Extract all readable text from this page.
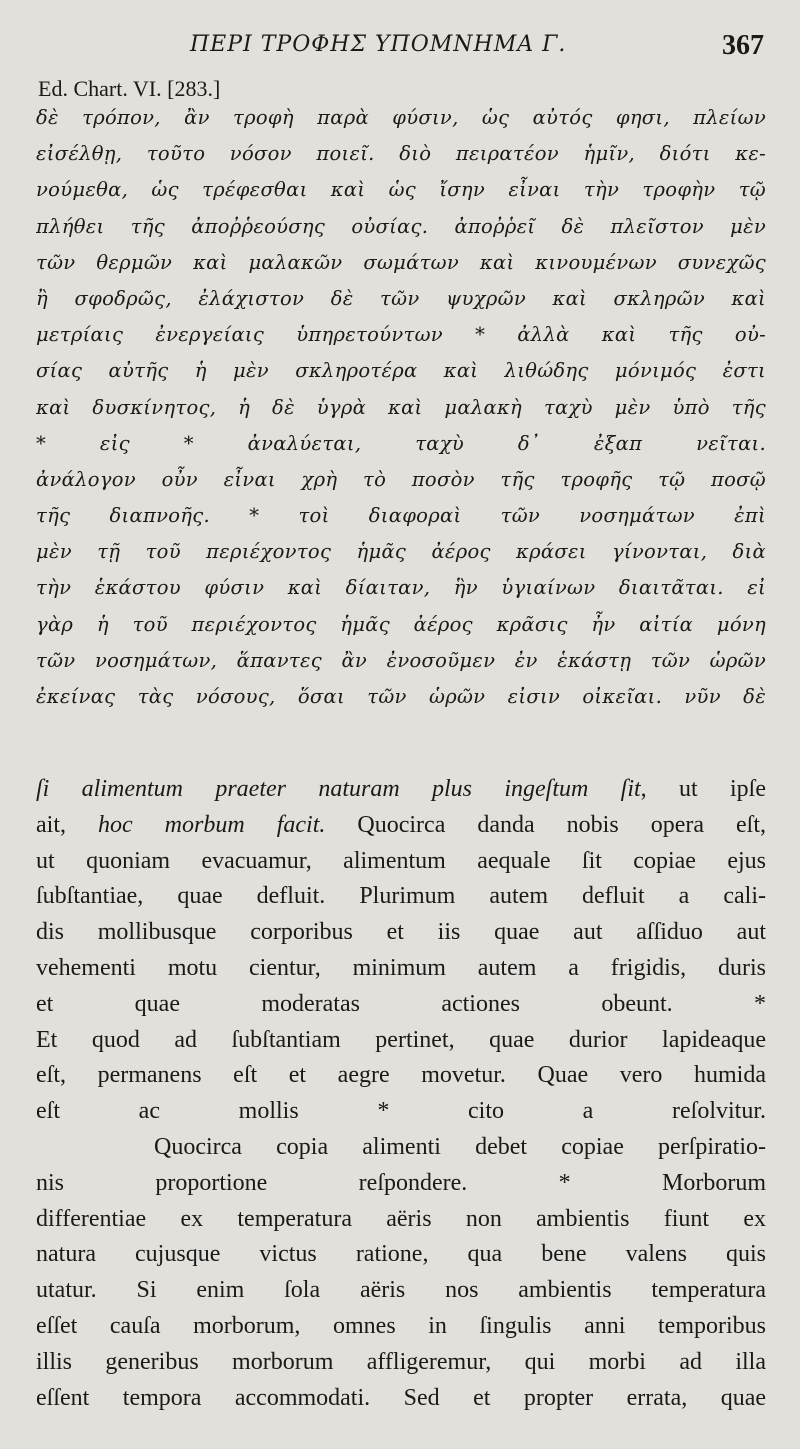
ΠΕΡΙ ΤΡΟΦΗΣ ΥΠΟΜΝΗΜΑ Γ.	367
Ed. Chart. VI. [283.]
δὲ τρόπον, ἂν τροφὴ παρὰ φύσιν, ὡς αὐτός φησι, πλείων
εἰσέλθῃ, τοῦτο νόσον ποιεῖ. διὸ πειρατέον ἡμῖν, διότι κε-
νούμεθα, ὡς τρέφεσθαι καὶ ὡς ἴσην εἶναι τὴν τροφὴν τῷ
πλήθει τῆς ἀποῤῥεούσης οὐσίας. ἀποῤῥεῖ δὲ πλεῖστον μὲν
τῶν θερμῶν καὶ μαλακῶν σωμάτων καὶ κινουμένων συνεχῶς
ἢ σφοδρῶς, ἐλάχιστον δὲ τῶν ψυχρῶν καὶ σκληρῶν καὶ
μετρίαις ἐνεργείαις ὑπηρετούντων * ἀλλὰ καὶ τῆς οὐ-
σίας αὐτῆς ἡ μὲν σκληροτέρα καὶ λιθώδης μόνιμός ἐστι
καὶ δυσκίνητος, ἡ δὲ ὑγρὰ καὶ μαλακὴ ταχὺ μὲν ὑπὸ τῆς
* εἰς * ἀναλύεται, ταχὺ δ᾽ ἐξαπ νεῖται.
ἀνάλογον οὖν εἶναι χρὴ τὸ ποσὸν τῆς τροφῆς τῷ ποσῷ
τῆς διαπνοῆς. * τοὶ διαφοραὶ τῶν νοσημάτων ἐπὶ
μὲν τῇ τοῦ περιέχοντος ἡμᾶς ἀέρος κράσει γίνονται, διὰ
τὴν ἑκάστου φύσιν καὶ δίαιταν, ἣν ὑγιαίνων διαιτᾶται. εἰ
γὰρ ἡ τοῦ περιέχοντος ἡμᾶς ἀέρος κρᾶσις ἦν αἰτία μόνη
τῶν νοσημάτων, ἅπαντες ἂν ἐνοσοῦμεν ἐν ἑκάστῃ τῶν ὡρῶν
ἐκείνας τὰς νόσους, ὅσαι τῶν ὡρῶν εἰσιν οἰκεῖαι. νῦν δὲ
ſi alimentum praeter naturam plus ingeſtum ſit, ut ipſe
ait, hoc morbum facit. Quocirca danda nobis opera eſt,
ut quoniam evacuamur, alimentum aequale ſit copiae ejus
ſubſtantiae, quae defluit. Plurimum autem defluit a cali-
dis mollibusque corporibus et iis quae aut aſſiduo aut
vehementi motu cientur, minimum autem a frigidis, duris
et quae moderatas actiones obeunt. *
Et quod ad ſubſtantiam pertinet, quae durior lapideaque
eſt, permanens eſt et aegre movetur. Quae vero humida
eſt ac mollis * cito a reſolvitur.
Quocirca copia alimenti debet copiae perſpiratio-
nis proportione reſpondere. * Morborum
differentiae ex temperatura aëris non ambientis fiunt ex
natura cujusque victus ratione, qua bene valens quis
utatur. Si enim ſola aëris nos ambientis temperatura
eſſet cauſa morborum, omnes in ſingulis anni temporibus
illis generibus morborum affligeremur, qui morbi ad illa
eſſent tempora accommodati. Sed et propter errata, quae
